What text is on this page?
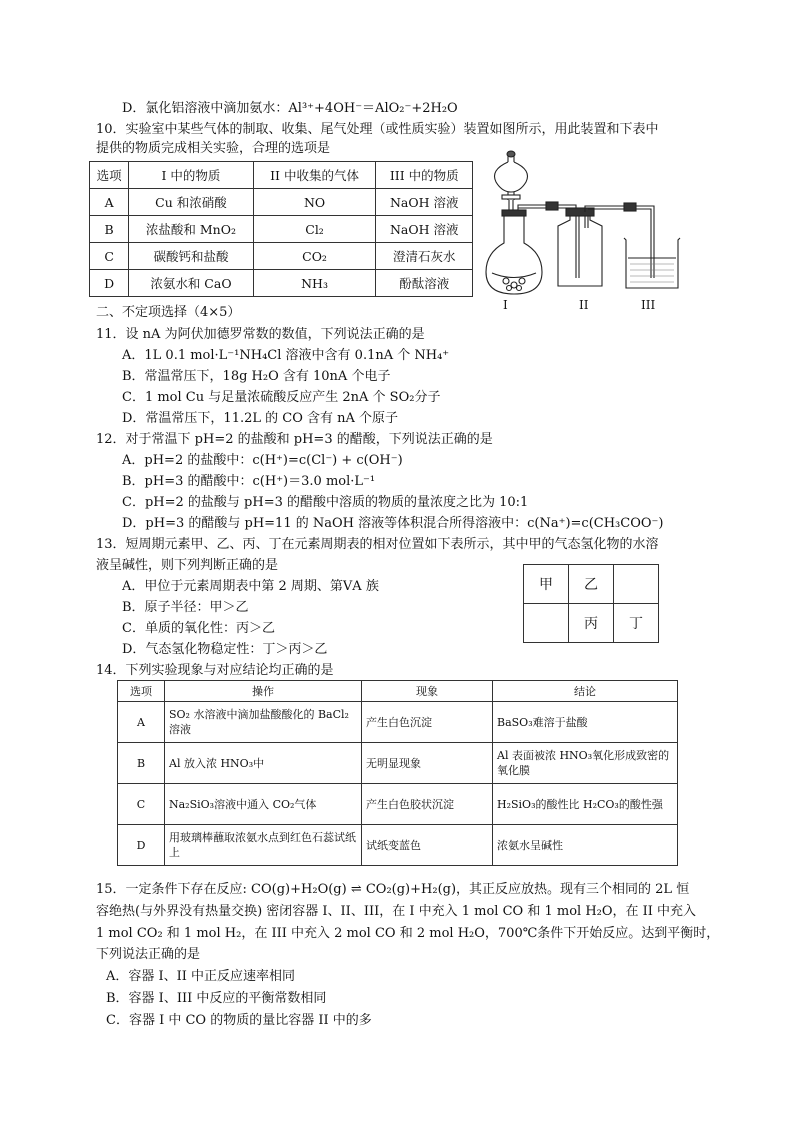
D．氯化铝溶液中滴加氨水：Al³⁺+4OH⁻＝AlO₂⁻+2H₂O
10．实验室中某些气体的制取、收集、尾气处理（或性质实验）装置如图所示，用此装置和下表中
提供的物质完成相关实验，合理的选项是
选项	I 中的物质	II 中收集的气体	III 中的物质
A	Cu 和浓硝酸	NO	NaOH 溶液
B	浓盐酸和 MnO₂	Cl₂	NaOH 溶液
C	碳酸钙和盐酸	CO₂	澄清石灰水
D	浓氨水和 CaO	NH₃	酚酞溶液
I	II	III
二、不定项选择（4×5）
11．设 nA 为阿伏加德罗常数的数值，下列说法正确的是
A．1L 0.1 mol·L⁻¹NH₄Cl 溶液中含有 0.1nA 个 NH₄⁺
B．常温常压下，18g H₂O 含有 10nA 个电子
C．1 mol Cu 与足量浓硫酸反应产生 2nA 个 SO₂分子
D．常温常压下，11.2L 的 CO 含有 nA 个原子
12．对于常温下 pH=2 的盐酸和 pH=3 的醋酸，下列说法正确的是
A．pH=2 的盐酸中：c(H⁺)=c(Cl⁻) + c(OH⁻)
B．pH=3 的醋酸中：c(H⁺)＝3.0 mol·L⁻¹
C．pH=2 的盐酸与 pH=3 的醋酸中溶质的物质的量浓度之比为 10:1
D．pH=3 的醋酸与 pH=11 的 NaOH 溶液等体积混合所得溶液中：c(Na⁺)=c(CH₃COO⁻)
13．短周期元素甲、乙、丙、丁在元素周期表的相对位置如下表所示，其中甲的气态氢化物的水溶
液呈碱性，则下列判断正确的是
A．甲位于元素周期表中第 2 周期、第ⅤA 族
B．原子半径：甲＞乙
C．单质的氧化性：丙＞乙
D．气态氢化物稳定性：丁＞丙＞乙
甲	乙	
	丙	丁
14．下列实验现象与对应结论均正确的是
选项	操作	现象	结论
A	SO₂ 水溶液中滴加盐酸酸化的 BaCl₂溶液	产生白色沉淀	BaSO₃难溶于盐酸
B	Al 放入浓 HNO₃中	无明显现象	Al 表面被浓 HNO₃氧化形成致密的氧化膜
C	Na₂SiO₃溶液中通入 CO₂气体	产生白色胶状沉淀	H₂SiO₃的酸性比 H₂CO₃的酸性强
D	用玻璃棒蘸取浓氨水点到红色石蕊试纸上	试纸变蓝色	浓氨水呈碱性
15．一定条件下存在反应: CO(g)+H₂O(g) ⇌ CO₂(g)+H₂(g)，其正反应放热。现有三个相同的 2L 恒
容绝热(与外界没有热量交换) 密闭容器 I、II、III，在 I 中充入 1 mol CO 和 1 mol H₂O，在 II 中充入
1 mol CO₂ 和 1 mol H₂，在 III 中充入 2 mol CO 和 2 mol H₂O，700℃条件下开始反应。达到平衡时，
下列说法正确的是
A．容器 I、II 中正反应速率相同
B．容器 I、III 中反应的平衡常数相同
C．容器 I 中 CO 的物质的量比容器 II 中的多
